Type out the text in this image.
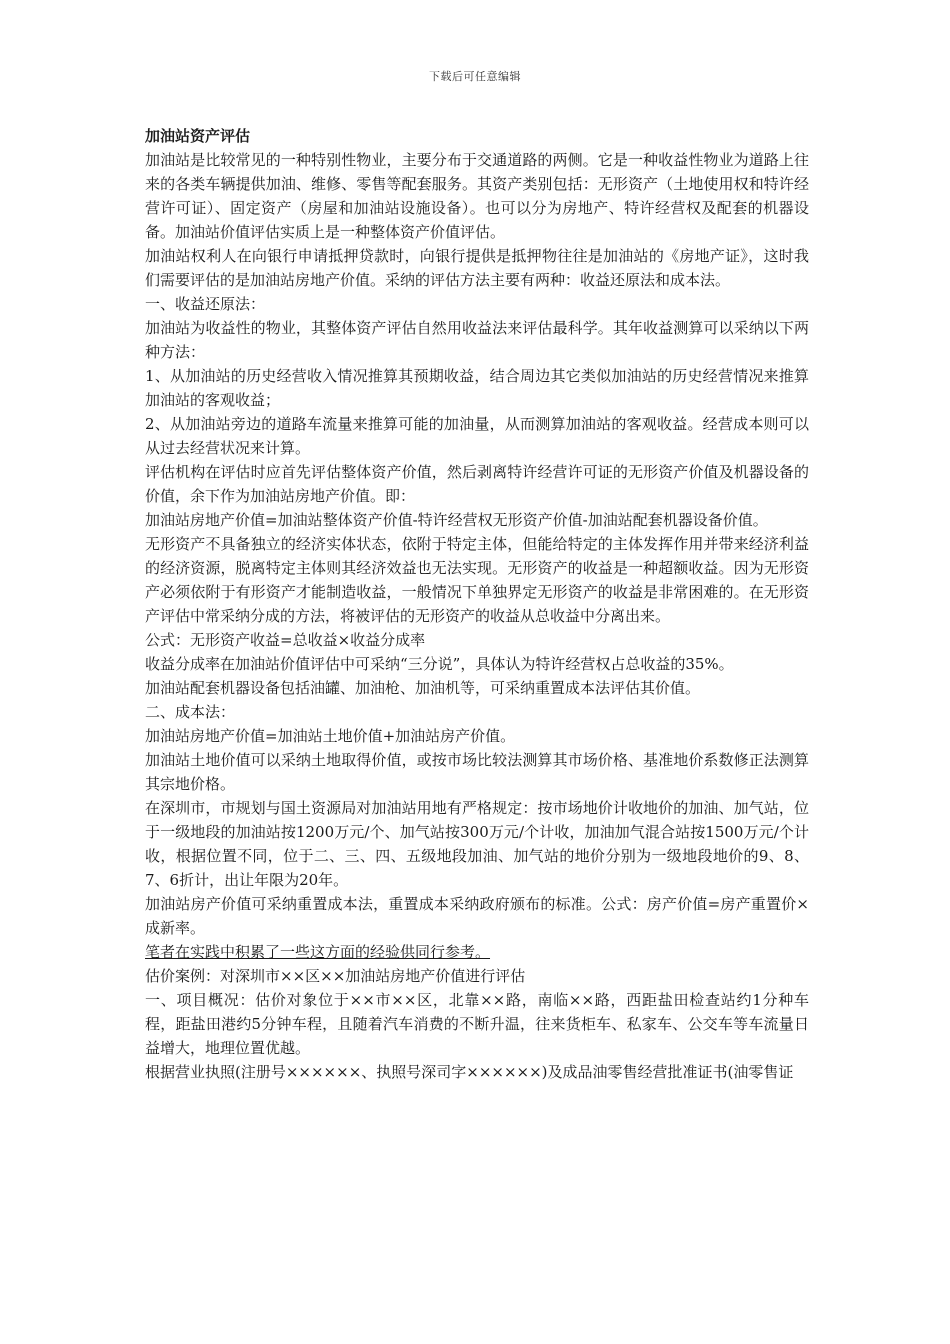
下载后可任意编辑

加油站资产评估

加油站是比较常见的一种特别性物业，主要分布于交通道路的两侧。它是一种收益性物业为道路上往来的各类车辆提供加油、维修、零售等配套服务。其资产类别包括：无形资产（土地使用权和特许经营许可证）、固定资产（房屋和加油站设施设备）。也可以分为房地产、特许经营权及配套的机器设备。加油站价值评估实质上是一种整体资产价值评估。

加油站权利人在向银行申请抵押贷款时，向银行提供是抵押物往往是加油站的《房地产证》，这时我们需要评估的是加油站房地产价值。采纳的评估方法主要有两种：收益还原法和成本法。

一、收益还原法：

加油站为收益性的物业，其整体资产评估自然用收益法来评估最科学。其年收益测算可以采纳以下两种方法：

1、从加油站的历史经营收入情况推算其预期收益，结合周边其它类似加油站的历史经营情况来推算加油站的客观收益；

2、从加油站旁边的道路车流量来推算可能的加油量，从而测算加油站的客观收益。经营成本则可以从过去经营状况来计算。

评估机构在评估时应首先评估整体资产价值，然后剥离特许经营许可证的无形资产价值及机器设备的价值，余下作为加油站房地产价值。即：

加油站房地产价值=加油站整体资产价值-特许经营权无形资产价值-加油站配套机器设备价值。

无形资产不具备独立的经济实体状态，依附于特定主体，但能给特定的主体发挥作用并带来经济利益的经济资源，脱离特定主体则其经济效益也无法实现。无形资产的收益是一种超额收益。因为无形资产必须依附于有形资产才能制造收益，一般情况下单独界定无形资产的收益是非常困难的。在无形资产评估中常采纳分成的方法，将被评估的无形资产的收益从总收益中分离出来。

公式：无形资产收益=总收益×收益分成率

收益分成率在加油站价值评估中可采纳“三分说”，具体认为特许经营权占总收益的35%。

加油站配套机器设备包括油罐、加油枪、加油机等，可采纳重置成本法评估其价值。

二、成本法：

加油站房地产价值=加油站土地价值+加油站房产价值。

加油站土地价值可以采纳土地取得价值，或按市场比较法测算其市场价格、基准地价系数修正法测算其宗地价格。

在深圳市，市规划与国土资源局对加油站用地有严格规定：按市场地价计收地价的加油、加气站，位于一级地段的加油站按1200万元/个、加气站按300万元/个计收，加油加气混合站按1500万元/个计收，根据位置不同，位于二、三、四、五级地段加油、加气站的地价分别为一级地段地价的9、8、7、6折计，出让年限为20年。

加油站房产价值可采纳重置成本法，重置成本采纳政府颁布的标准。公式：房产价值=房产重置价×成新率。

笔者在实践中积累了一些这方面的经验供同行参考。

估价案例：对深圳市××区××加油站房地产价值进行评估

一、项目概况：估价对象位于××市××区，北靠××路，南临××路，西距盐田检查站约1分种车程，距盐田港约5分钟车程，且随着汽车消费的不断升温，往来货柜车、私家车、公交车等车流量日益增大，地理位置优越。

根据营业执照(注册号××××××、执照号深司字××××××)及成品油零售经营批准证书(油零售证
